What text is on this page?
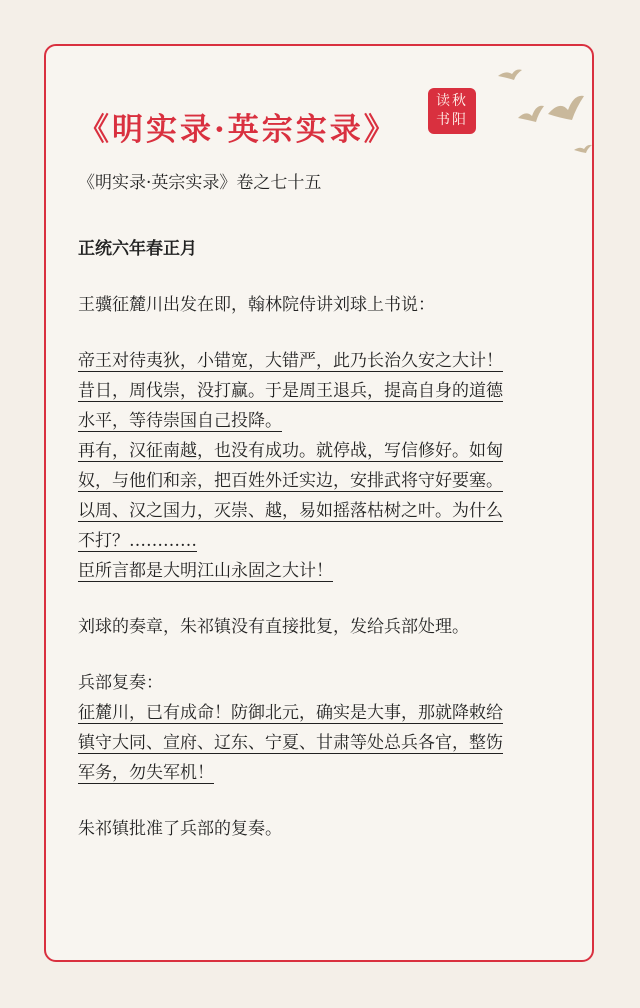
《明实录·英宗实录》
读秋
书阳
《明实录·英宗实录》卷之七十五
正统六年春正月
王骥征麓川出发在即，翰林院侍讲刘球上书说：
帝王对待夷狄，小错宽，大错严，此乃长治久安之大计！
昔日，周伐崇，没打赢。于是周王退兵，提高自身的道德
水平，等待崇国自己投降。
再有，汉征南越，也没有成功。就停战，写信修好。如匈
奴，与他们和亲，把百姓外迁实边，安排武将守好要塞。
以周、汉之国力，灭崇、越，易如摇落枯树之叶。为什么
不打？…………
臣所言都是大明江山永固之大计！
刘球的奏章，朱祁镇没有直接批复，发给兵部处理。
兵部复奏：
征麓川，已有成命！防御北元，确实是大事，那就降敕给
镇守大同、宣府、辽东、宁夏、甘肃等处总兵各官，整饬
军务，勿失军机！
朱祁镇批准了兵部的复奏。
